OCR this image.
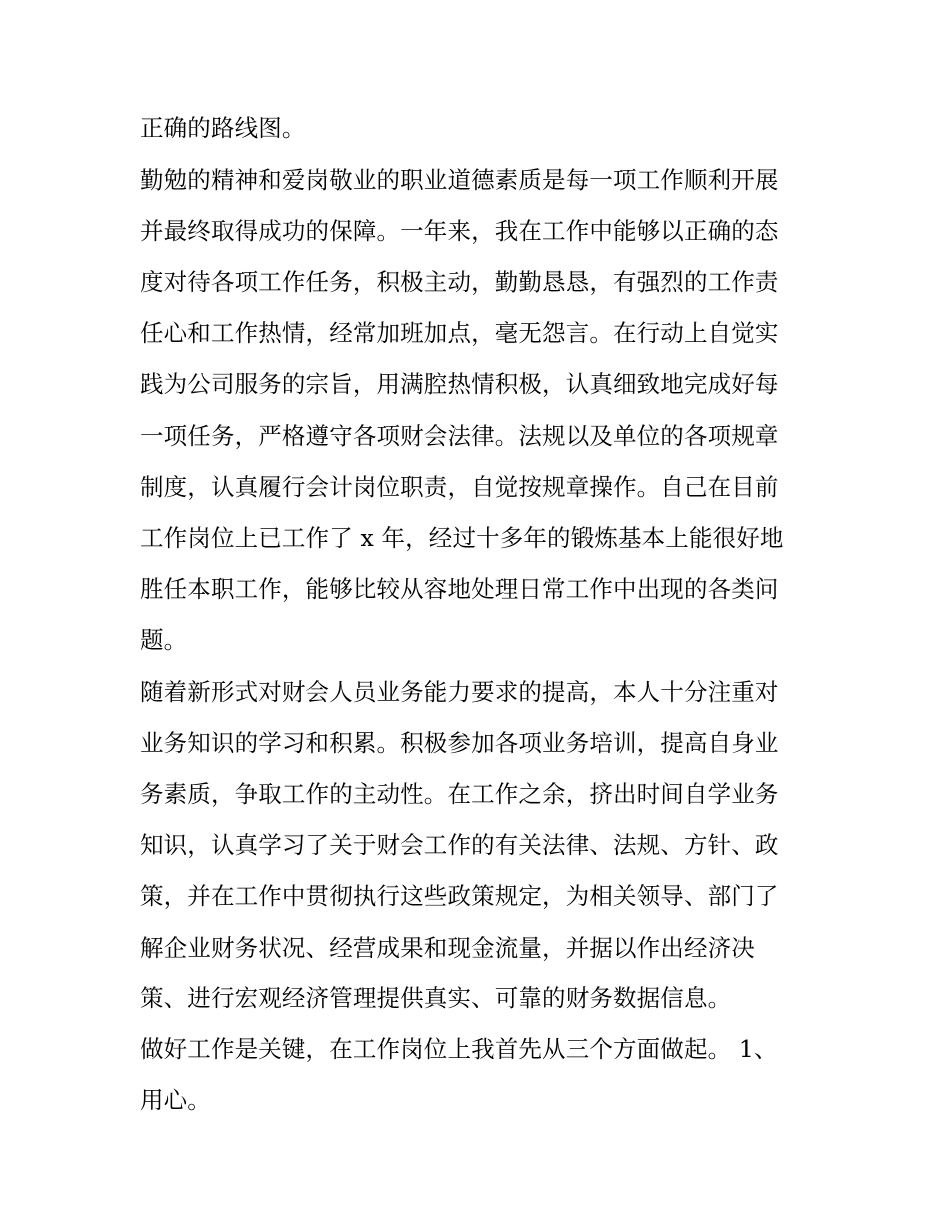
正确的路线图。
勤勉的精神和爱岗敬业的职业道德素质是每一项工作顺利开展
并最终取得成功的保障。一年来，我在工作中能够以正确的态
度对待各项工作任务，积极主动，勤勤恳恳，有强烈的工作责
任心和工作热情，经常加班加点，毫无怨言。在行动上自觉实
践为公司服务的宗旨，用满腔热情积极，认真细致地完成好每
一项任务，严格遵守各项财会法律。法规以及单位的各项规章
制度，认真履行会计岗位职责，自觉按规章操作。自己在目前
工作岗位上已工作了 x 年，经过十多年的锻炼基本上能很好地
胜任本职工作，能够比较从容地处理日常工作中出现的各类问
题。
随着新形式对财会人员业务能力要求的提高，本人十分注重对
业务知识的学习和积累。积极参加各项业务培训，提高自身业
务素质，争取工作的主动性。在工作之余，挤出时间自学业务
知识，认真学习了关于财会工作的有关法律、法规、方针、政
策，并在工作中贯彻执行这些政策规定，为相关领导、部门了
解企业财务状况、经营成果和现金流量，并据以作出经济决
策、进行宏观经济管理提供真实、可靠的财务数据信息。
做好工作是关键，在工作岗位上我首先从三个方面做起。 1、
用心。
